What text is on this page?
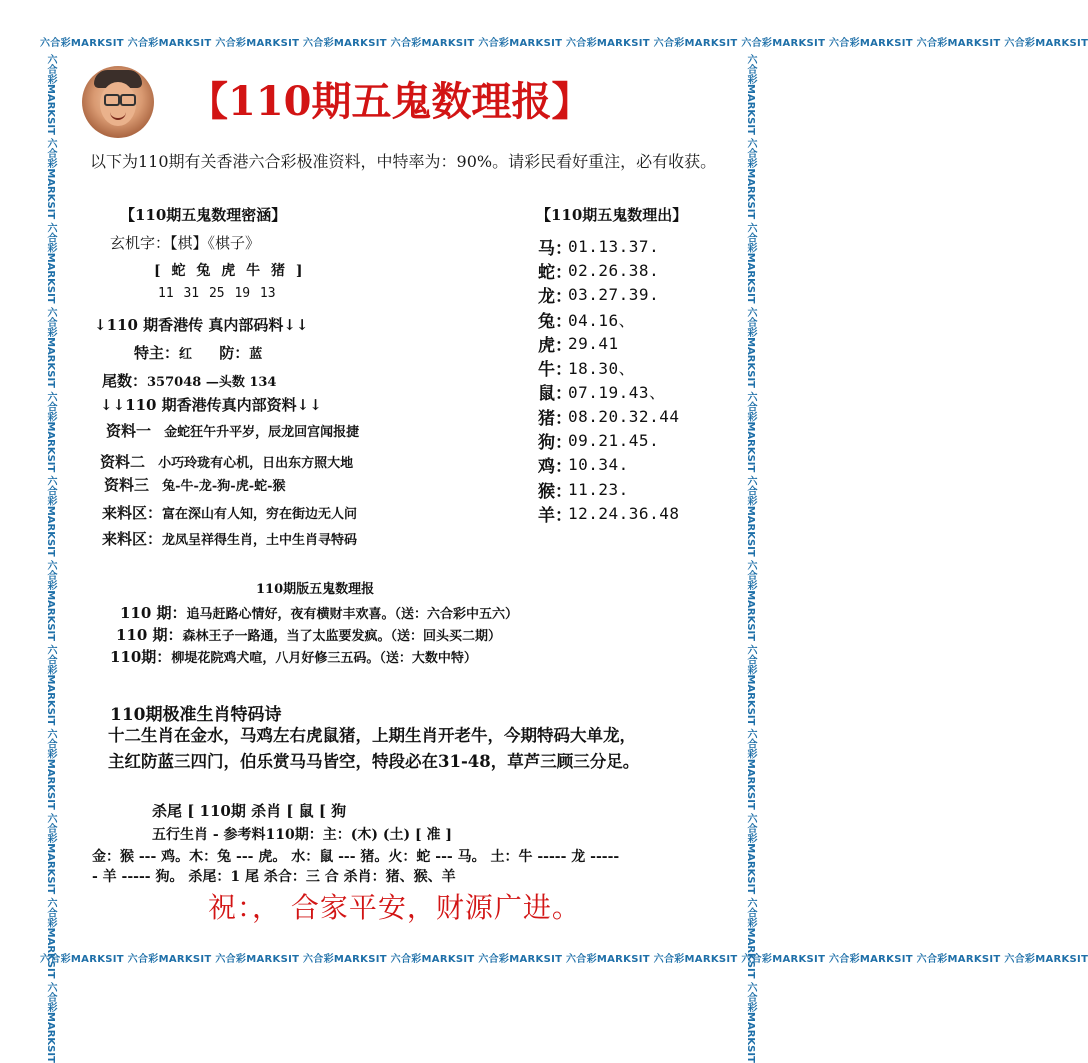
六合彩MARKSIT 六合彩MARKSIT 六合彩MARKSIT 六合彩MARKSIT 六合彩MARKSIT 六合彩MARKSIT 六合彩MARKSIT 六合彩MARKSIT 六合彩MARKSIT 六合彩MARKSIT 六合彩MARKSIT 六合彩MARKSIT
六合彩MARKSIT 六合彩MARKSIT 六合彩MARKSIT 六合彩MARKSIT 六合彩MARKSIT 六合彩MARKSIT 六合彩MARKSIT 六合彩MARKSIT 六合彩MARKSIT 六合彩MARKSIT 六合彩MARKSIT 六合彩MARKSIT
六合彩MARKSIT 六合彩MARKSIT 六合彩MARKSIT 六合彩MARKSIT 六合彩MARKSIT 六合彩MARKSIT 六合彩MARKSIT 六合彩MARKSIT 六合彩MARKSIT 六合彩MARKSIT 六合彩MARKSIT 六合彩MARKSIT	六合彩MARKSIT 六合彩MARKSIT 六合彩MARKSIT 六合彩MARKSIT 六合彩MARKSIT 六合彩MARKSIT 六合彩MARKSIT 六合彩MARKSIT 六合彩MARKSIT 六合彩MARKSIT 六合彩MARKSIT 六合彩MARKSIT
【110期五鬼数理报】
以下为110期有关香港六合彩极准资料，中特率为：90%。请彩民看好重注，必有收获。
【110期五鬼数理密涵】
玄机字：【棋】《棋子》
[ 蛇 兔 虎 牛 猪 ]
11 31 25 19 13
↓110 期香港传 真内部码料↓↓
特主：红 防：蓝
尾数：357048 —头数 134
↓↓110 期香港传真内部资料↓↓
资料一 金蛇狂午升平岁，辰龙回宫闻报捷
资料二 小巧玲珑有心机，日出东方照大地
资料三 兔-牛-龙-狗-虎-蛇-猴
来料区：富在深山有人知，穷在街边无人问
来料区：龙凤呈祥得生肖，土中生肖寻特码
【110期五鬼数理出】
马：
01.13.37.
蛇：
02.26.38.
龙：
03.27.39.
兔：
04.16、
虎：
29.41
牛：
18.30、
鼠：
07.19.43、
猪：
08.20.32.44
狗：
09.21.45.
鸡：
10.34.
猴：
11.23.
羊：
12.24.36.48
110期版五鬼数理报
110 期：追马赶路心情好，夜有横财丰欢喜。（送：六合彩中五六）
110 期：森林王子一路通，当了太监要发疯。（送：回头买二期）
110期：柳堤花院鸡犬喧，八月好修三五码。（送：大数中特）
110期极准生肖特码诗
十二生肖在金水，马鸡左右虎鼠猪，上期生肖开老牛，今期特码大单龙，
主红防蓝三四门，伯乐赏马马皆空，特段必在31-48，草芦三顾三分足。
杀尾 [ 110期 杀肖 [ 鼠 [ 狗
五行生肖 - 参考料110期：主：(木) (土) [ 准 ]
金：猴 --- 鸡。木：兔 --- 虎。 水：鼠 --- 猪。火：蛇 --- 马。 土：牛 ----- 龙 -----
- 羊 ----- 狗。 杀尾：1 尾 杀合：三 合 杀肖：猪、猴、羊
祝：， 合家平安，财源广进。
